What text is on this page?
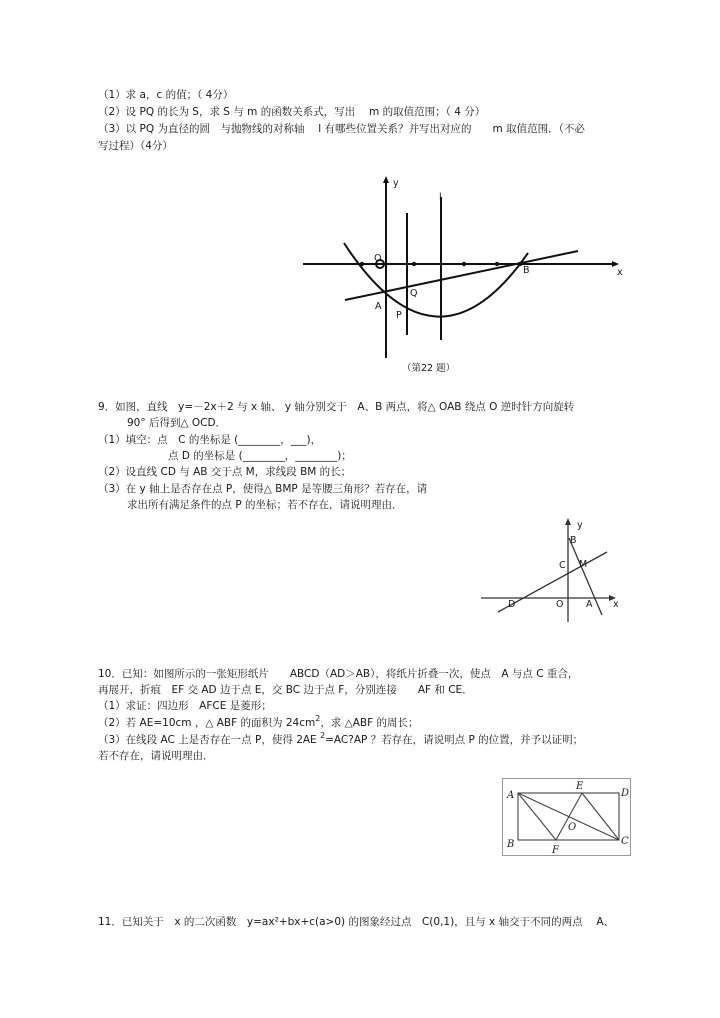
（1）求 a，c 的值；（ 4分）
（2）设 PQ 的长为 S，求 S 与 m 的函数关系式，写出　 m 的取值范围；（ 4 分）
（3）以 PQ 为直径的圆　与抛物线的对称轴　 l 有哪些位置关系？并写出对应的　　m 取值范围．（不必
写过程）（4分）
y
x
l
O
B
A
Q
P
（第22 题）
9．如图，直线　y=－2x＋2 与 x 轴、 y 轴分别交于　A、B 两点，将△ OAB 绕点 O 逆时针方向旋转
90° 后得到△ OCD．
（1）填空：点　C 的坐标是 (________，___)，
点 D 的坐标是 (________，________)；
（2）设直线 CD 与 AB 交于点 M，求线段 BM 的长；
（3）在 y 轴上是否存在点 P，使得△ BMP 是等腰三角形？若存在，请
求出所有满足条件的点 P 的坐标；若不存在，请说明理由．
y
B
C M
D	O A x
10．已知：如图所示的一张矩形纸片　　ABCD（AD＞AB），将纸片折叠一次，使点　A 与点 C 重合，
再展开，折痕　EF 交 AD 边于点 E，交 BC 边于点 F，分别连接　　AF 和 CE．
（1）求证：四边形　AFCE 是菱形；
（2）若 AE=10cm ，△ ABF 的面积为 $24cm^2$，求 △ABF 的周长；
（3）在线段 AC 上是否存在一点 P，使得 2AE $^2$=AC?AP ？若存在，请说明点 P 的位置，并予以证明；
若不存在，请说明理由．
A
E
D
O
B
F
C
11．已知关于　x 的二次函数　y=ax²+bx+c(a>0) 的图象经过点　C(0,1)，且与 x 轴交于不同的两点　 A、
